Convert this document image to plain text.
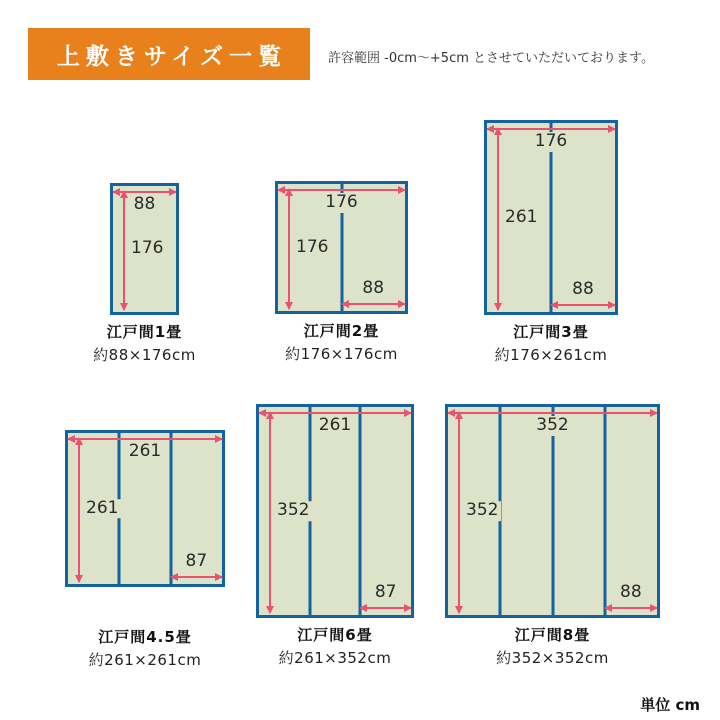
上敷きサイズ一覧	許容範囲 -0cm〜+5cm とさせていただいております。
88
176
江戸間1畳
約88×176cm
176
176
88
江戸間2畳
約176×176cm
176
261
88
江戸間3畳
約176×261cm
261
261
87
江戸間4.5畳
約261×261cm
261
352
87
江戸間6畳
約261×352cm
352
352
88
江戸間8畳
約352×352cm
単位 cm
